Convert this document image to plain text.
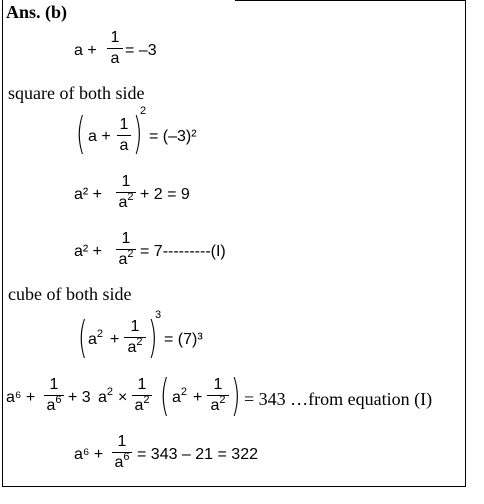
Ans. (b)
a +
1
a = –3
square of both side
( a +
1
a )
2
= (–3)²
a² +
1
$a^2 + 2 = 9$
a² +
1
$a^2 = 7---------(I)$
cube of both side
( $a^2$ +
1
$a^2$ )
3
= (7)³
a⁶ +
1
$a^6 + 3$ $a^2$ ×
1
$a^2$ ( $a^2$ +
1
$a^2$ ) = 343 …from equation (I)
a⁶ +
1
$a^6 = 343 - 21 = 322$
